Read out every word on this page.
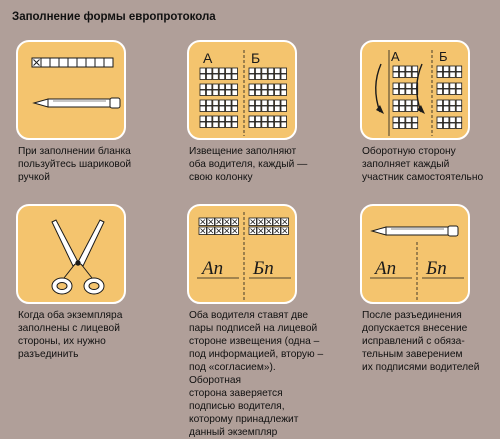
Заполнение формы европротокола
А	Б	А	Б
Ап Бп	Ап Бп
При заполнении бланка
пользуйтесь шариковой
ручкой
Извещение заполняют
оба водителя, каждый —
свою колонку
Оборотную сторону
заполняет каждый
участник самостоятельно
Когда оба экземпляра
заполнены с лицевой
стороны, их нужно
разъединить
Оба водителя ставят две
пары подписей на лицевой
стороне извещения (одна –
под информацией, вторую –
под «согласием»). Оборотная
сторона заверяется
подписью водителя,
которому принадлежит
данный экземпляр
После разъединения
допускается внесение
исправлений с обяза-
тельным заверением
их подписями водителей
